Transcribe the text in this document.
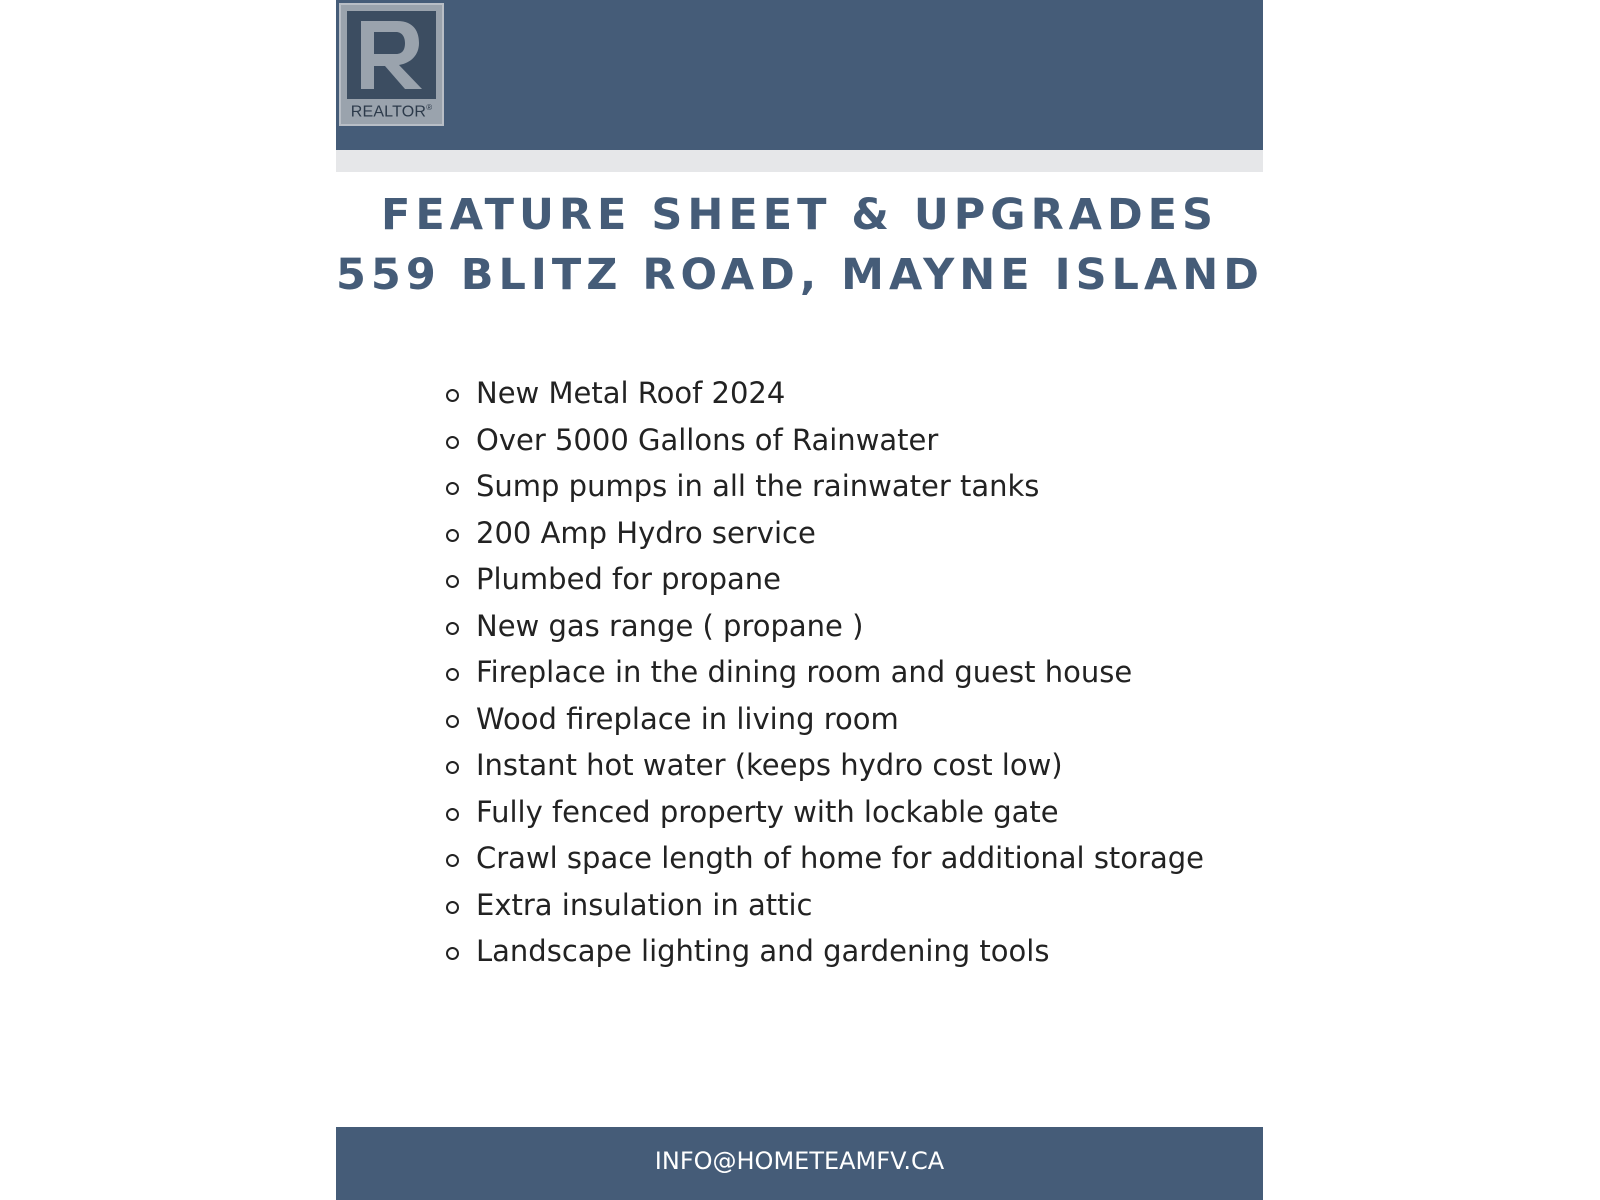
REALTOR®
FEATURE SHEET & UPGRADES
559 BLITZ ROAD, MAYNE ISLAND
New Metal Roof 2024
Over 5000 Gallons of Rainwater
Sump pumps in all the rainwater tanks
200 Amp Hydro service
Plumbed for propane
New gas range ( propane )
Fireplace in the dining room and guest house
Wood fireplace in living room
Instant hot water (keeps hydro cost low)
Fully fenced property with lockable gate
Crawl space length of home for additional storage
Extra insulation in attic
Landscape lighting and gardening tools
INFO@HOMETEAMFV.CA
